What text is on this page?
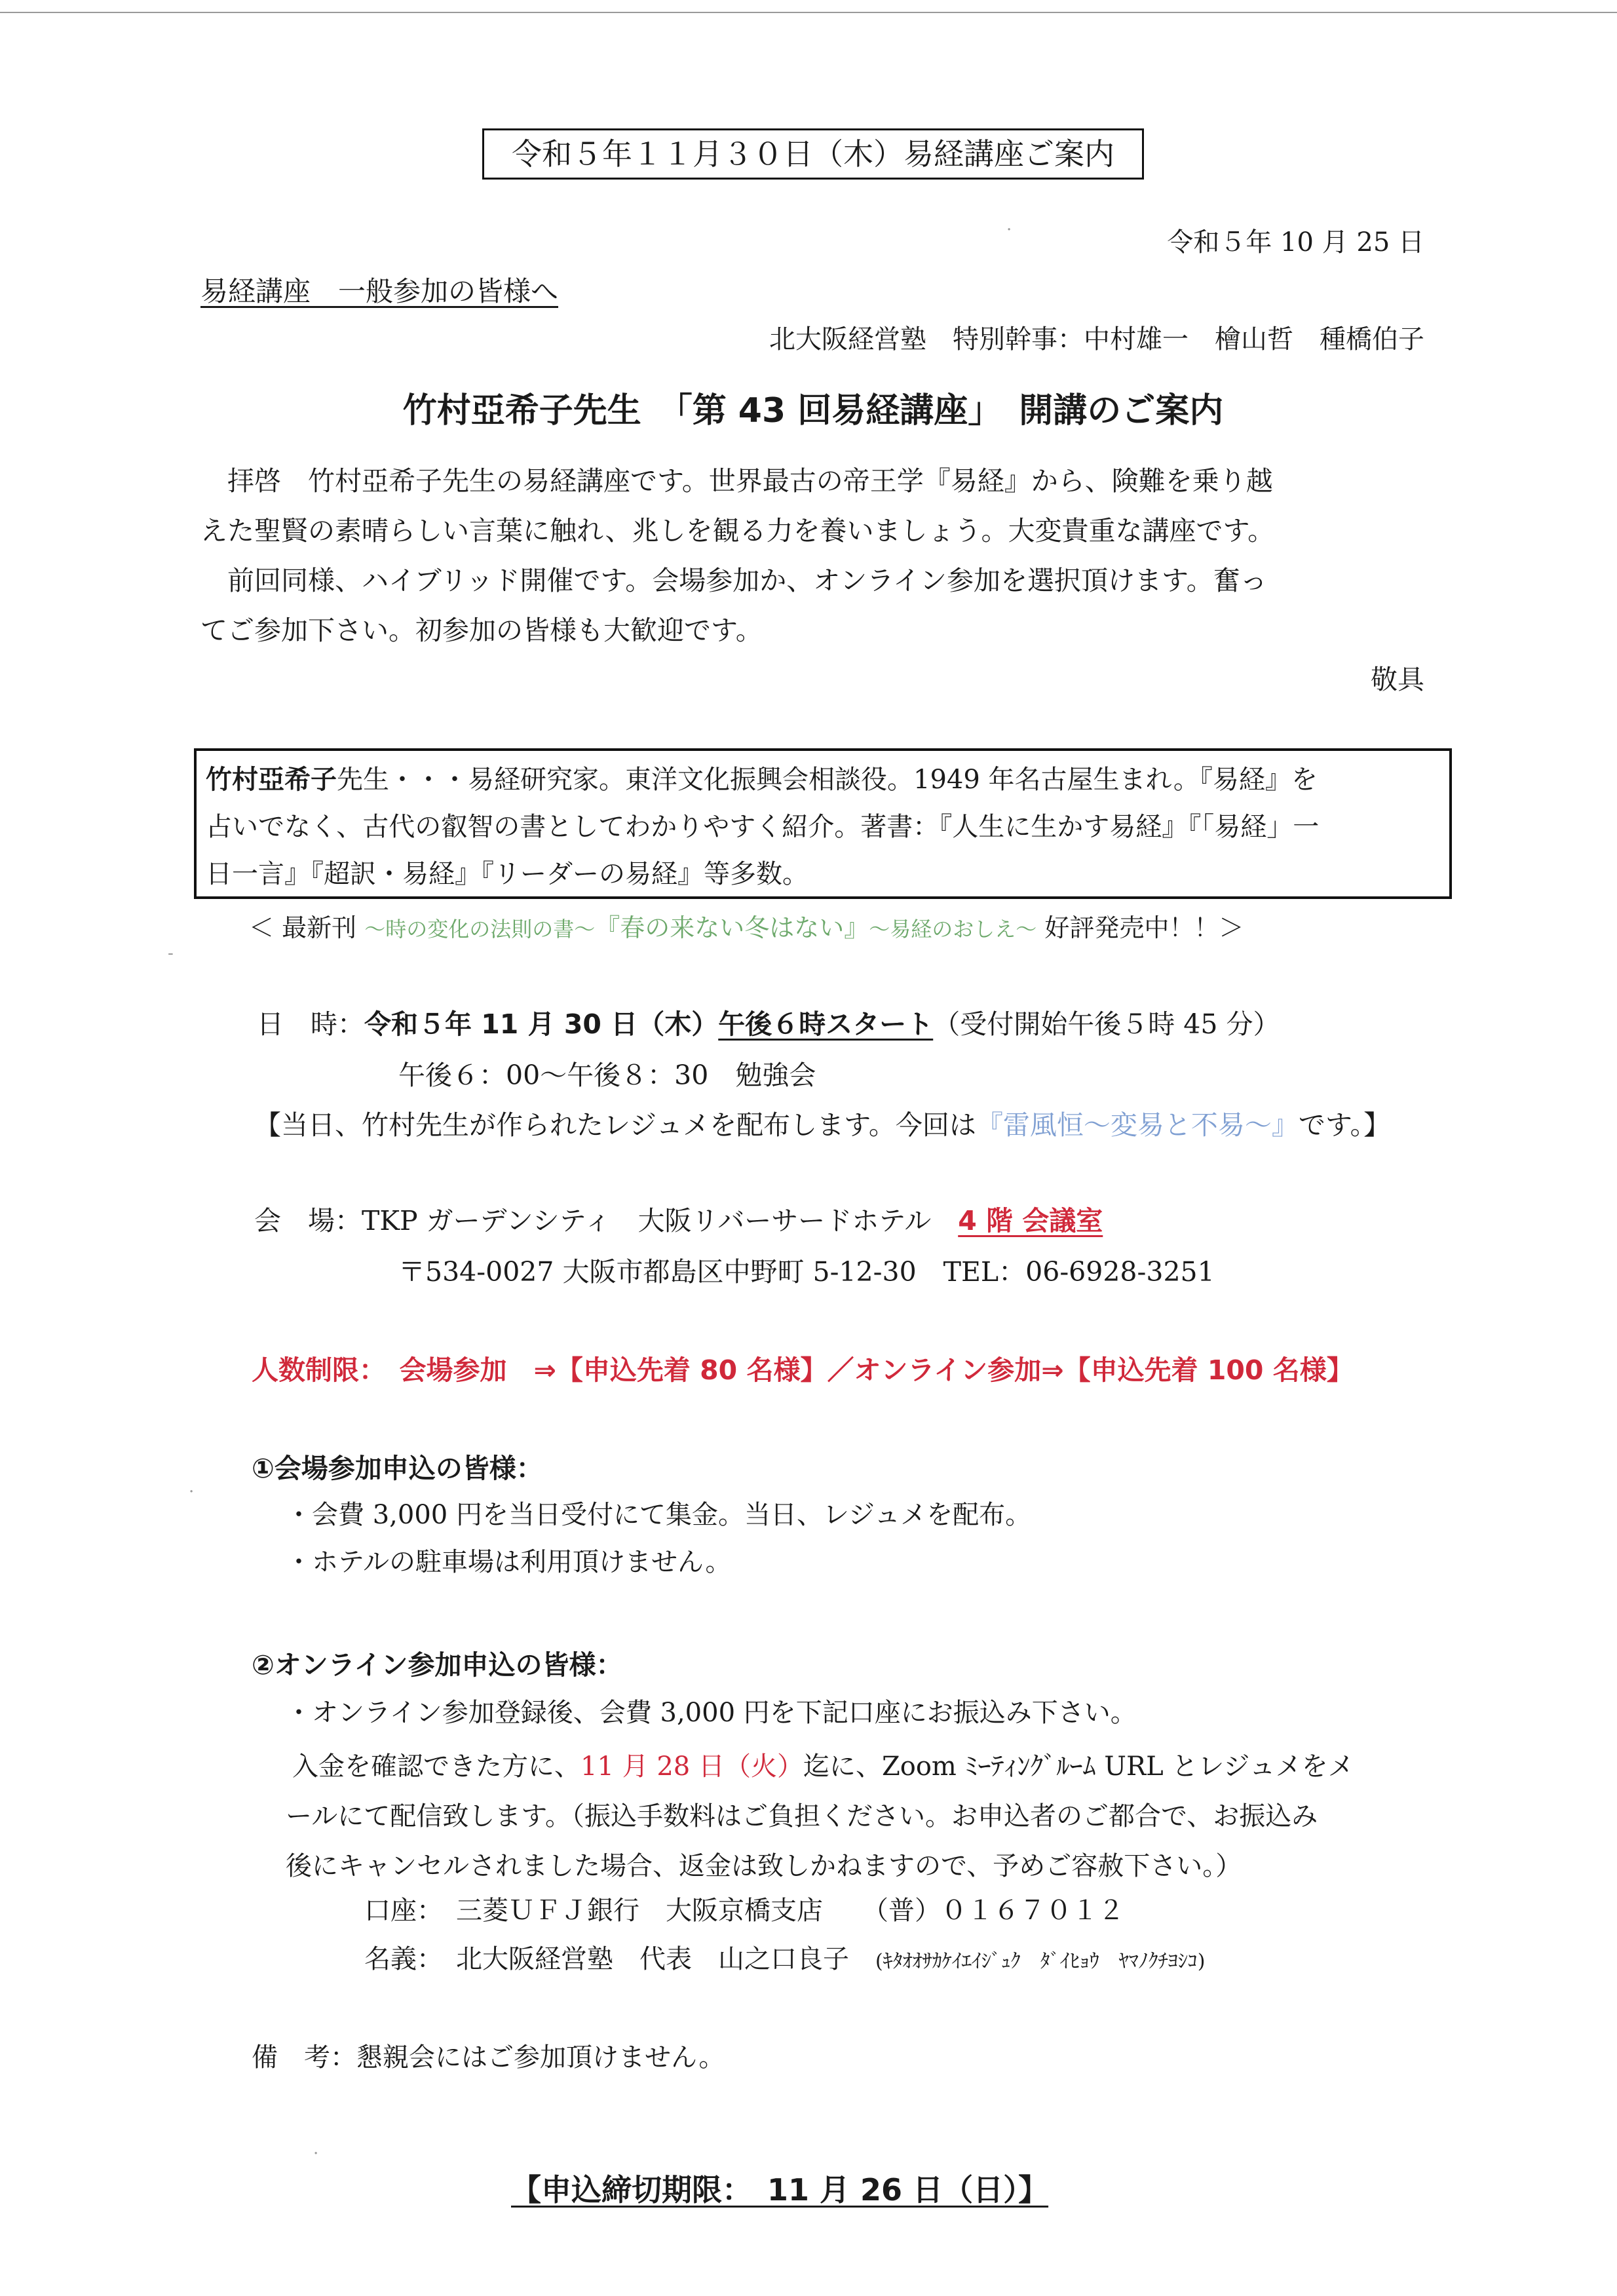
令和５年１１月３０日（木）易経講座ご案内
令和５年 10 月 25 日
易経講座　一般参加の皆様へ
北大阪経営塾　特別幹事：中村雄一　檜山哲　種橋伯子
竹村亞希子先生　「第 43 回易経講座」　開講のご案内
　拝啓　竹村亞希子先生の易経講座です。世界最古の帝王学『易経』から、険難を乗り越
えた聖賢の素晴らしい言葉に触れ、兆しを観る力を養いましょう。大変貴重な講座です。
　前回同様、ハイブリッド開催です。会場参加か、オンライン参加を選択頂けます。奮っ
てご参加下さい。初参加の皆様も大歓迎です。
敬具
竹村亞希子先生・・・易経研究家。東洋文化振興会相談役。1949 年名古屋生まれ。『易経』を
占いでなく、古代の叡智の書としてわかりやすく紹介。著書：『人生に生かす易経』『「易経」一
日一言』『超訳・易経』『リーダーの易経』等多数。
＜ 最新刊 ～時の変化の法則の書～『春の来ない冬はない』～易経のおしえ～ 好評発売中！！＞
日　時：令和５年 11 月 30 日（木）午後６時スタート（受付開始午後５時 45 分）
午後６：00～午後８：30　勉強会
【当日、竹村先生が作られたレジュメを配布します。今回は『雷風恒～変易と不易～』です。】
会　場：TKP ガーデンシティ　大阪リバーサードホテル　 4 階 会議室
〒534-0027 大阪市都島区中野町 5-12-30　TEL：06-6928-3251
人数制限：　会場参加　⇒【申込先着 80 名様】／オンライン参加⇒【申込先着 100 名様】
①会場参加申込の皆様：
・会費 3,000 円を当日受付にて集金。当日、レジュメを配布。
・ホテルの駐車場は利用頂けません。
②オンライン参加申込の皆様：
・オンライン参加登録後、会費 3,000 円を下記口座にお振込み下さい。
入金を確認できた方に、11 月 28 日（火）迄に、Zoom ﾐｰﾃｨﾝｸﾞﾙｰﾑ URL とレジュメをメ
ールにて配信致します。（振込手数料はご負担ください。お申込者のご都合で、お振込み
後にキャンセルされました場合、返金は致しかねますので、予めご容赦下さい。）
口座：　三菱ＵＦＪ銀行　大阪京橋支店　　（普）０１６７０１２
名義：　北大阪経営塾　代表　山之口良子　(ｷﾀｵｵｻｶｹｲｴｲｼﾞｭｸ　ﾀﾞｲﾋｮｳ　ﾔﾏﾉｸﾁﾖｼｺ)
備　考：懇親会にはご参加頂けません。
【申込締切期限：　11 月 26 日（日）】
·
-
·
·
